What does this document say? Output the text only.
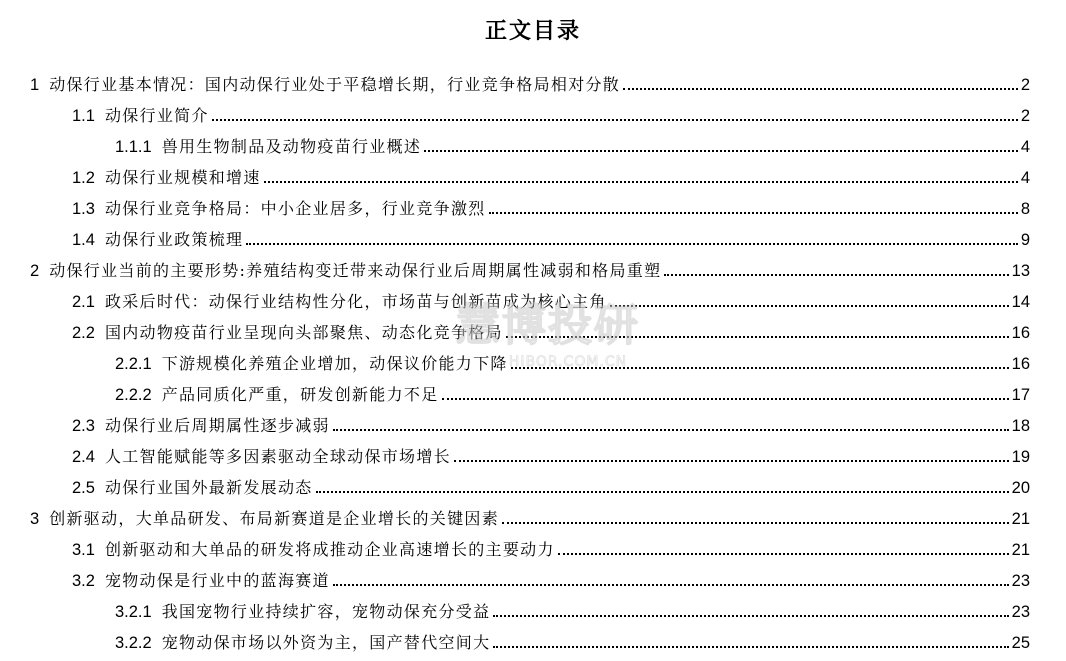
正文目录
1 动保行业基本情况：国内动保行业处于平稳增长期，行业竞争格局相对分散	2
1.1 动保行业简介	2
1.1.1 兽用生物制品及动物疫苗行业概述	4
1.2 动保行业规模和增速	4
1.3 动保行业竞争格局：中小企业居多，行业竞争激烈	8
1.4 动保行业政策梳理	9
2 动保行业当前的主要形势:养殖结构变迁带来动保行业后周期属性减弱和格局重塑	13
2.1 政采后时代：动保行业结构性分化，市场苗与创新苗成为核心主角	14
2.2 国内动物疫苗行业呈现向头部聚焦、动态化竞争格局	16
2.2.1 下游规模化养殖企业增加，动保议价能力下降	16
2.2.2 产品同质化严重，研发创新能力不足	17
2.3 动保行业后周期属性逐步减弱	18
2.4 人工智能赋能等多因素驱动全球动保市场增长	19
2.5 动保行业国外最新发展动态	20
3 创新驱动，大单品研发、布局新赛道是企业增长的关键因素	21
3.1 创新驱动和大单品的研发将成推动企业高速增长的主要动力	21
3.2 宠物动保是行业中的蓝海赛道	23
3.2.1 我国宠物行业持续扩容，宠物动保充分受益	23
3.2.2 宠物动保市场以外资为主，国产替代空间大	25
慧博投研
HIBOR.COM.CN
